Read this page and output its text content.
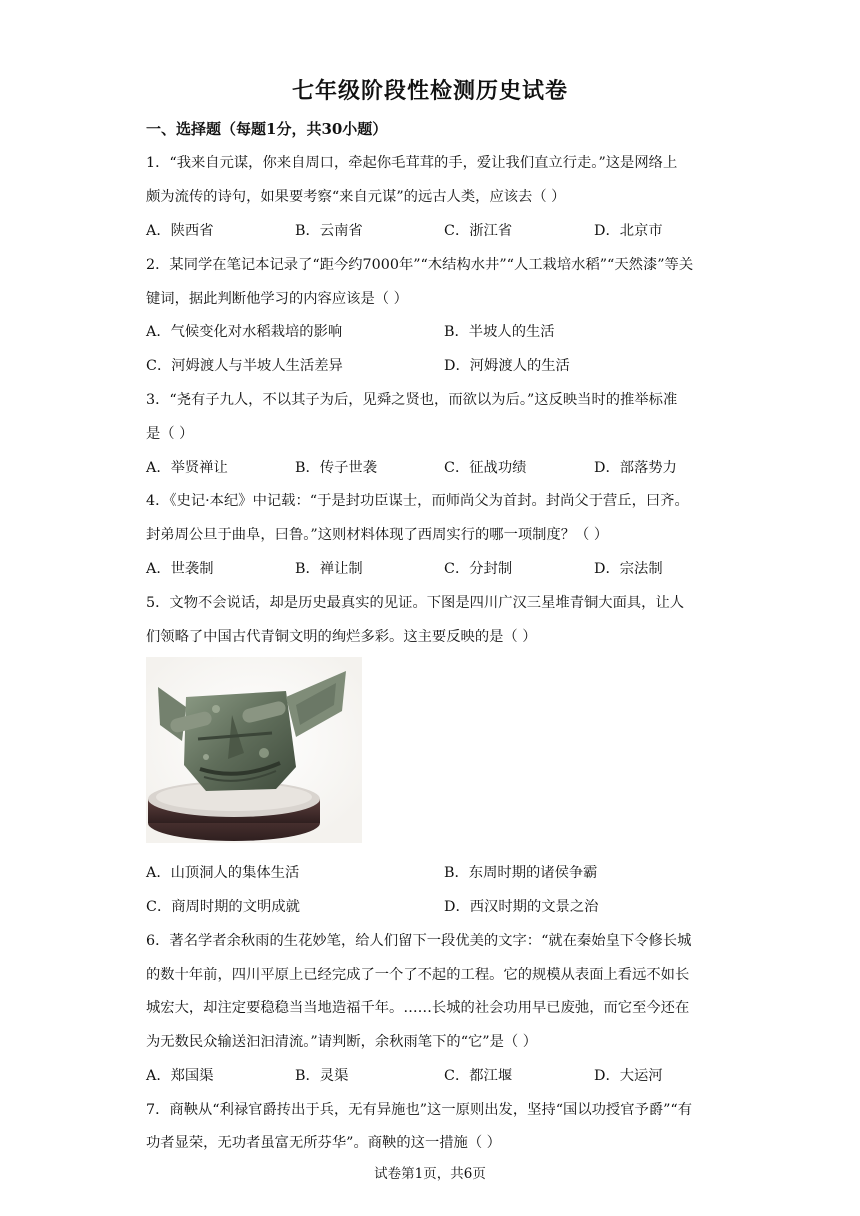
七年级阶段性检测历史试卷
一、选择题（每题1分，共30小题）
1．“我来自元谋，你来自周口，牵起你毛茸茸的手，爱让我们直立行走。”这是网络上
颇为流传的诗句，如果要考察“来自元谋”的远古人类，应该去（ ）
A．陕西省	B．云南省	C．浙江省	D．北京市
2．某同学在笔记本记录了“距今约7000年”“木结构水井”“人工栽培水稻”“天然漆”等关
键词，据此判断他学习的内容应该是（ ）
A．气候变化对水稻栽培的影响	B．半坡人的生活
C．河姆渡人与半坡人生活差异	D．河姆渡人的生活
3．“尧有子九人，不以其子为后，见舜之贤也，而欲以为后。”这反映当时的推举标准
是（ ）
A．举贤禅让	B．传子世袭	C．征战功绩	D．部落势力
4．《史记·本纪》中记载：“于是封功臣谋士，而师尚父为首封。封尚父于营丘，曰齐。
封弟周公旦于曲阜，曰鲁。”这则材料体现了西周实行的哪一项制度？（ ）
A．世袭制	B．禅让制	C．分封制	D．宗法制
5．文物不会说话，却是历史最真实的见证。下图是四川广汉三星堆青铜大面具，让人
们领略了中国古代青铜文明的绚烂多彩。这主要反映的是（ ）
A．山顶洞人的集体生活	B．东周时期的诸侯争霸
C．商周时期的文明成就	D．西汉时期的文景之治
6．著名学者余秋雨的生花妙笔，给人们留下一段优美的文字：“就在秦始皇下令修长城
的数十年前，四川平原上已经完成了一个了不起的工程。它的规模从表面上看远不如长
城宏大，却注定要稳稳当当地造福千年。……长城的社会功用早已废弛，而它至今还在
为无数民众输送汩汩清流。”请判断，余秋雨笔下的“它”是（ ）
A．郑国渠	B．灵渠	C．都江堰	D．大运河
7．商鞅从“利禄官爵抟出于兵，无有异施也”这一原则出发，坚持“国以功授官予爵”“有
功者显荣，无功者虽富无所芬华”。商鞅的这一措施（ ）
试卷第1页，共6页
